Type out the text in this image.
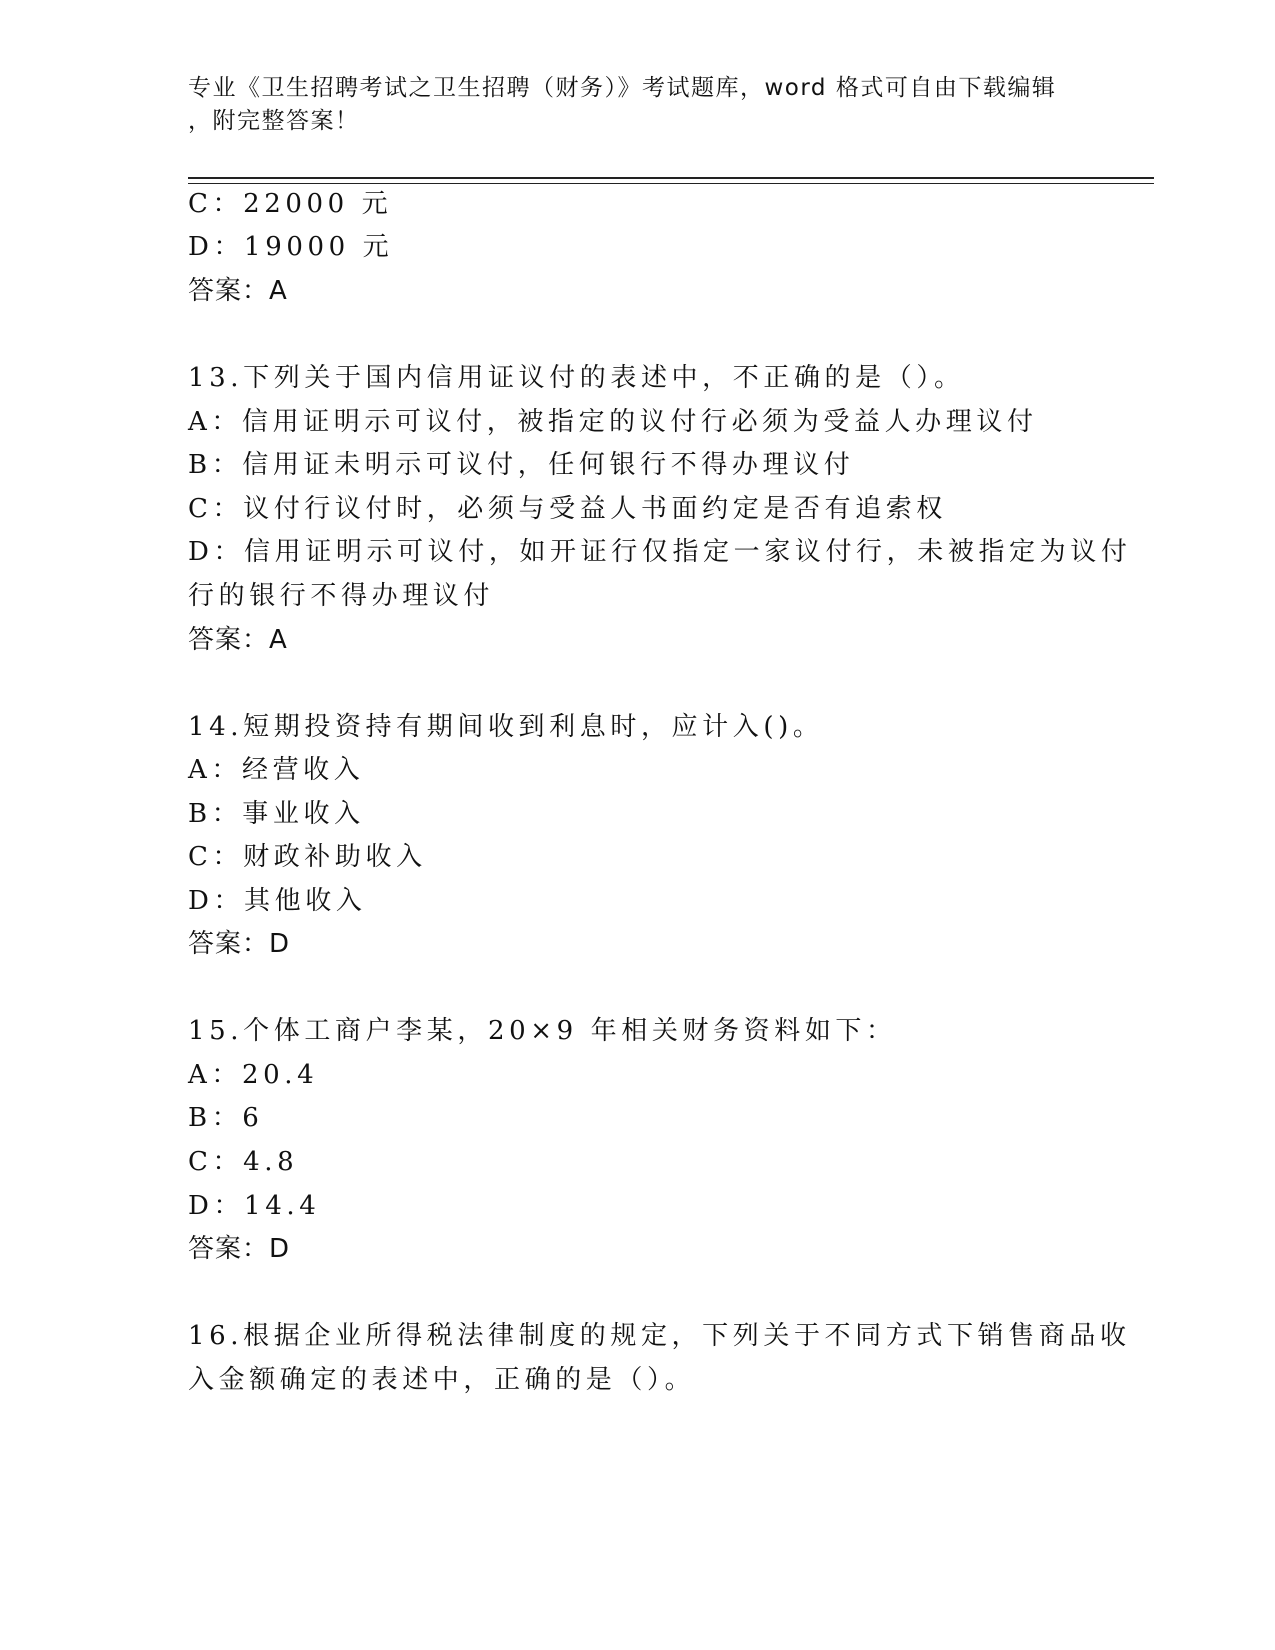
专业《卫生招聘考试之卫生招聘（财务）》考试题库，word 格式可自由下载编辑
，附完整答案！
C：22000 元
D：19000 元
答案：A
13.下列关于国内信用证议付的表述中，不正确的是（）。
A：信用证明示可议付，被指定的议付行必须为受益人办理议付
B：信用证未明示可议付，任何银行不得办理议付
C：议付行议付时，必须与受益人书面约定是否有追索权
D：信用证明示可议付，如开证行仅指定一家议付行，未被指定为议付
行的银行不得办理议付
答案：A
14.短期投资持有期间收到利息时，应计入()。
A：经营收入
B：事业收入
C：财政补助收入
D：其他收入
答案：D
15.个体工商户李某，20×9 年相关财务资料如下：
A：20.4
B：6
C：4.8
D：14.4
答案：D
16.根据企业所得税法律制度的规定，下列关于不同方式下销售商品收
入金额确定的表述中，正确的是（）。
